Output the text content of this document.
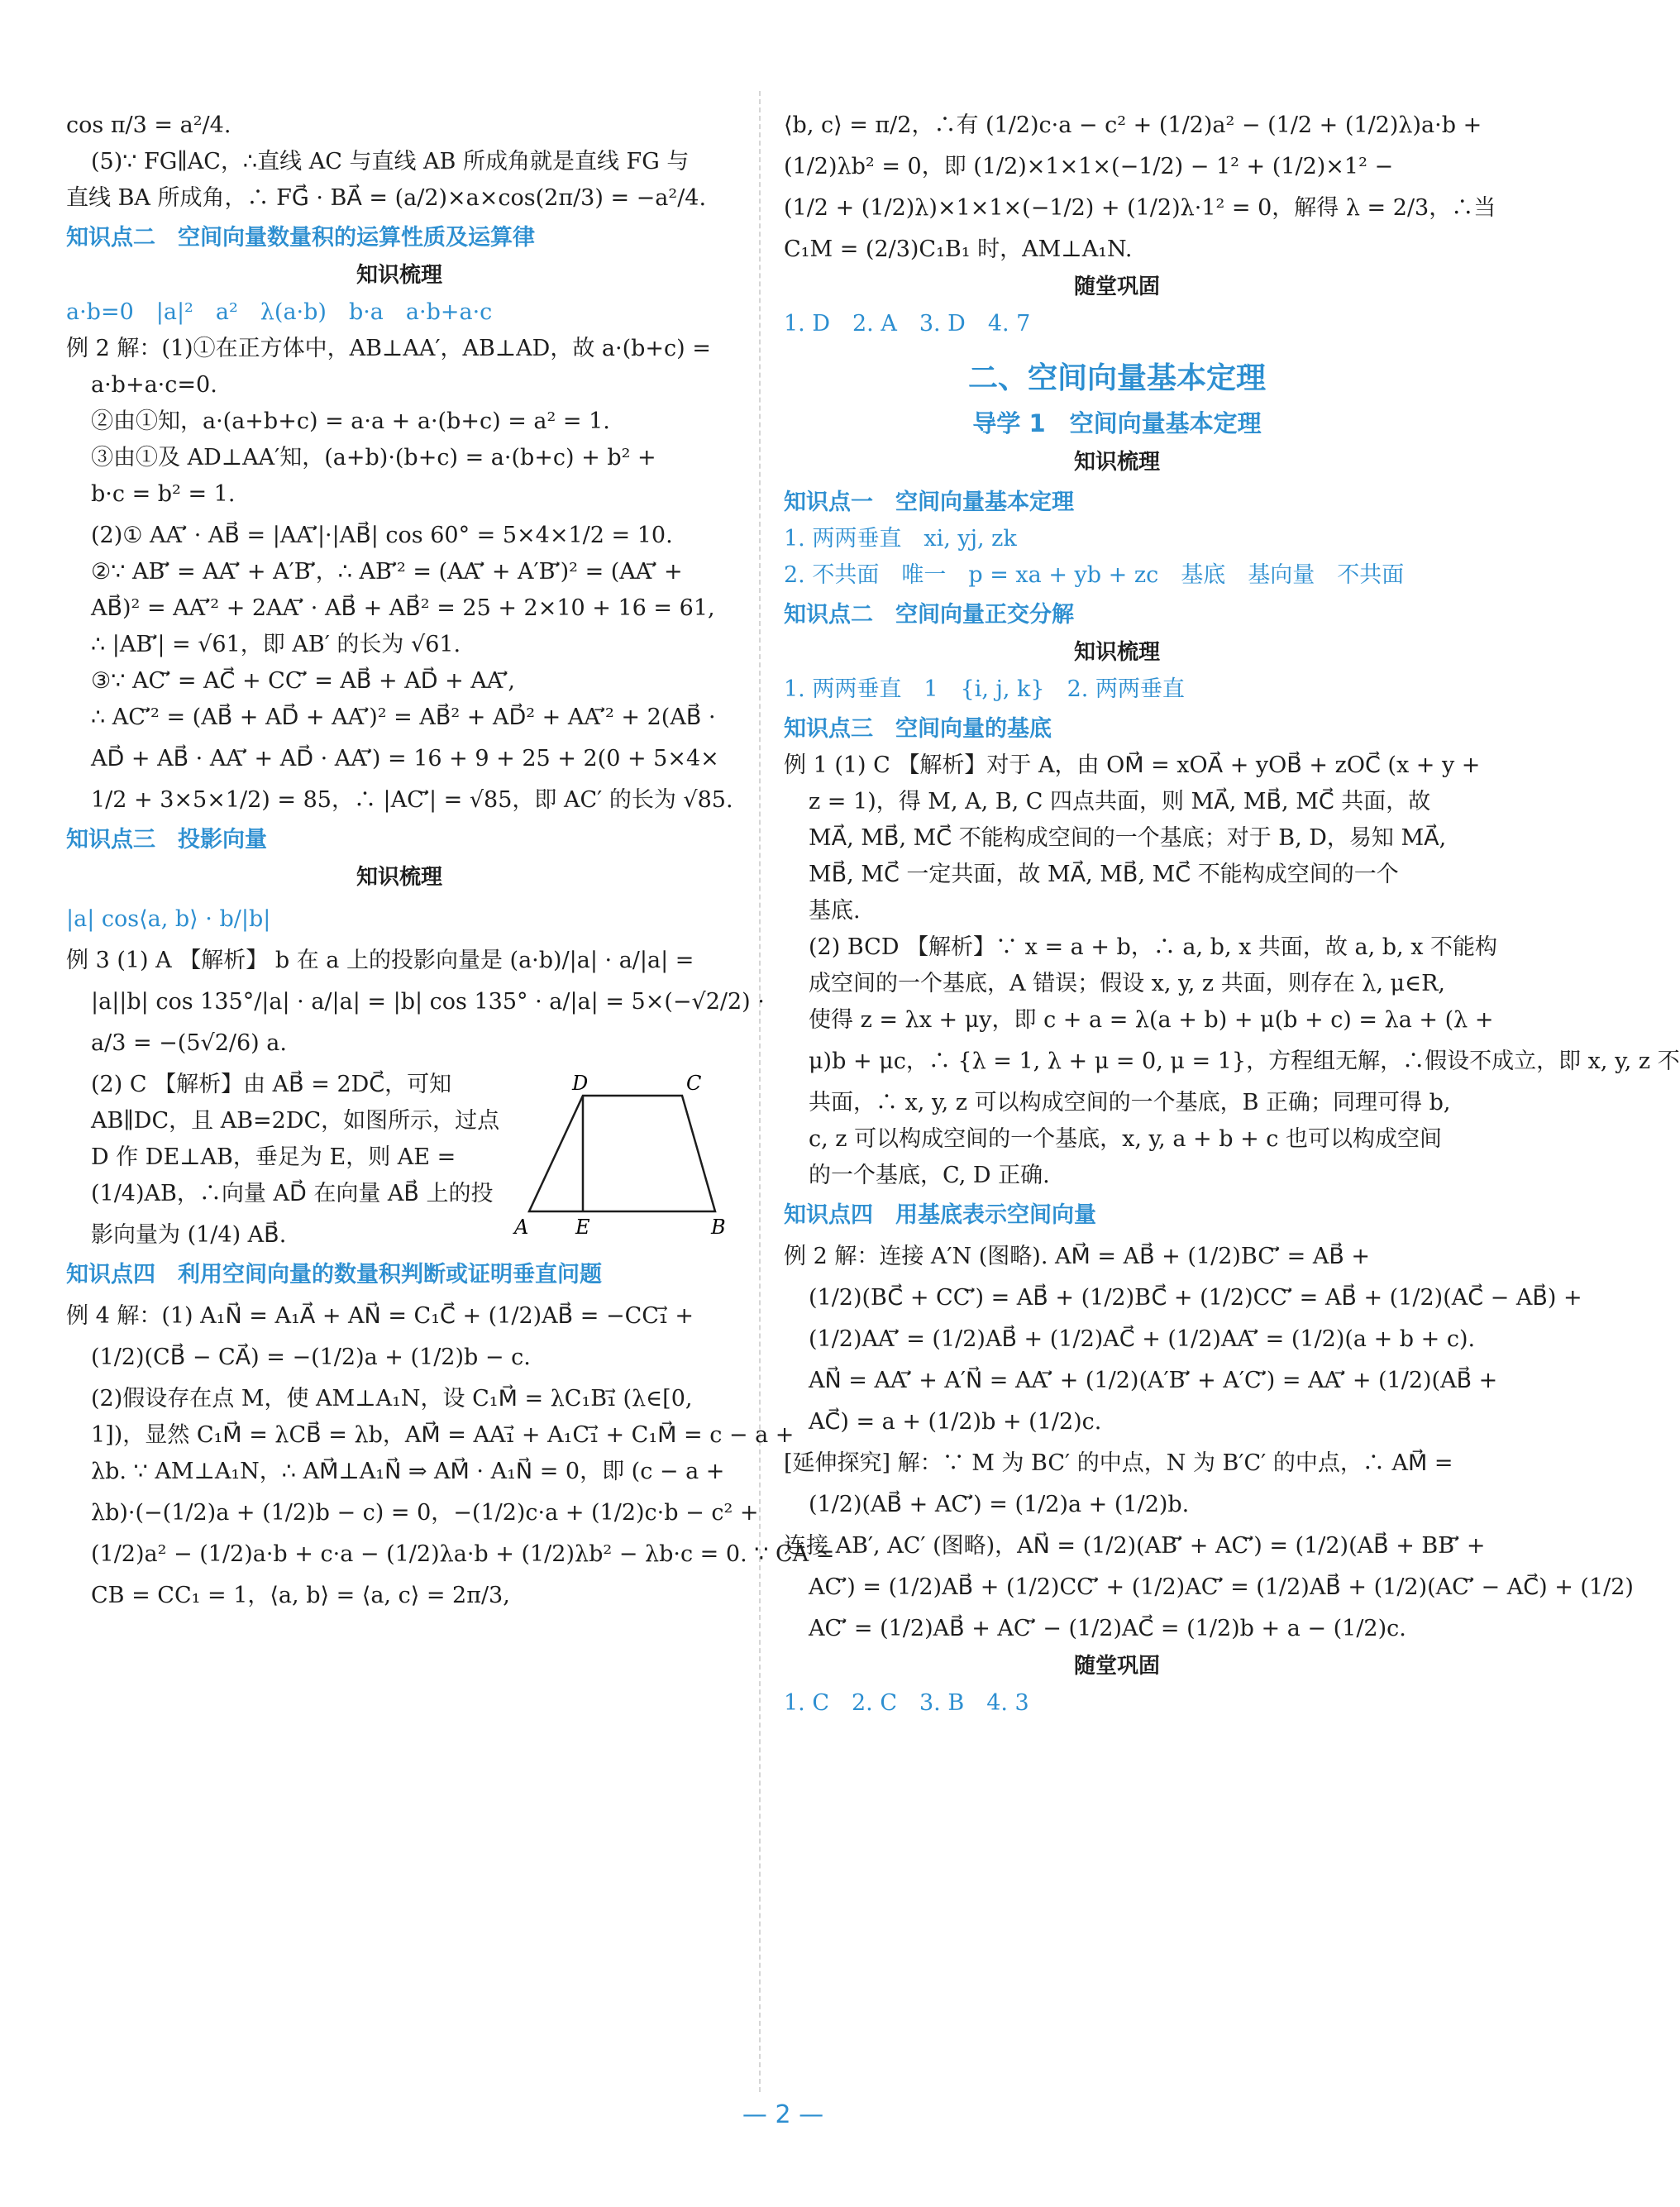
cos π/3 = a²/4.
(5)∵ FG∥AC，∴直线 AC 与直线 AB 所成角就是直线 FG 与
直线 BA 所成角，∴ FG⃗ · BA⃗ = (a/2)×a×cos(2π/3) = −a²/4.
知识点二　空间向量数量积的运算性质及运算律
知识梳理
a·b=0　|a|²　a²　λ(a·b)　b·a　a·b+a·c
例 2 解：(1)①在正方体中，AB⊥AA′，AB⊥AD，故 a·(b+c) =
a·b+a·c=0.
②由①知，a·(a+b+c) = a·a + a·(b+c) = a² = 1.
③由①及 AD⊥AA′知，(a+b)·(b+c) = a·(b+c) + b² +
b·c = b² = 1.
(2)① AA′⃗ · AB⃗ = |AA′⃗|·|AB⃗| cos 60° = 5×4×1/2 = 10.
②∵ AB′⃗ = AA′⃗ + A′B′⃗，∴ AB′⃗² = (AA′⃗ + A′B′⃗)² = (AA′⃗ +
AB⃗)² = AA′⃗² + 2AA′⃗ · AB⃗ + AB⃗² = 25 + 2×10 + 16 = 61,
∴ |AB′⃗| = √61，即 AB′ 的长为 √61.
③∵ AC′⃗ = AC⃗ + CC′⃗ = AB⃗ + AD⃗ + AA′⃗,
∴ AC′⃗² = (AB⃗ + AD⃗ + AA′⃗)² = AB⃗² + AD⃗² + AA′⃗² + 2(AB⃗ ·
AD⃗ + AB⃗ · AA′⃗ + AD⃗ · AA′⃗) = 16 + 9 + 25 + 2(0 + 5×4×
1/2 + 3×5×1/2) = 85，∴ |AC′⃗| = √85，即 AC′ 的长为 √85.
知识点三　投影向量
知识梳理
|a| cos⟨a, b⟩ · b/|b|
例 3 (1) A 【解析】 b 在 a 上的投影向量是 (a·b)/|a| · a/|a| =
|a||b| cos 135°/|a| · a/|a| = |b| cos 135° · a/|a| = 5×(−√2/2) ·
a/3 = −(5√2/6) a.
(2) C 【解析】由 AB⃗ = 2DC⃗，可知
AB∥DC，且 AB=2DC，如图所示，过点
D 作 DE⊥AB，垂足为 E，则 AE =
(1/4)AB，∴向量 AD⃗ 在向量 AB⃗ 上的投
影向量为 (1/4) AB⃗.
D	C
A E	B
知识点四　利用空间向量的数量积判断或证明垂直问题
例 4 解：(1) A₁N⃗ = A₁A⃗ + AN⃗ = C₁C⃗ + (1/2)AB⃗ = −CC₁⃗ +
(1/2)(CB⃗ − CA⃗) = −(1/2)a + (1/2)b − c.
(2)假设存在点 M，使 AM⊥A₁N，设 C₁M⃗ = λC₁B₁⃗ (λ∈[0,
1])，显然 C₁M⃗ = λCB⃗ = λb，AM⃗ = AA₁⃗ + A₁C₁⃗ + C₁M⃗ = c − a +
λb. ∵ AM⊥A₁N，∴ AM⃗⊥A₁N⃗ ⇒ AM⃗ · A₁N⃗ = 0，即 (c − a +
λb)·(−(1/2)a + (1/2)b − c) = 0，−(1/2)c·a + (1/2)c·b − c² +
(1/2)a² − (1/2)a·b + c·a − (1/2)λa·b + (1/2)λb² − λb·c = 0. ∵ CA =
CB = CC₁ = 1，⟨a, b⟩ = ⟨a, c⟩ = 2π/3,
⟨b, c⟩ = π/2，∴有 (1/2)c·a − c² + (1/2)a² − (1/2 + (1/2)λ)a·b +
(1/2)λb² = 0，即 (1/2)×1×1×(−1/2) − 1² + (1/2)×1² −
(1/2 + (1/2)λ)×1×1×(−1/2) + (1/2)λ·1² = 0，解得 λ = 2/3，∴当
C₁M = (2/3)C₁B₁ 时，AM⊥A₁N.
随堂巩固
1. D　2. A　3. D　4. 7
二、空间向量基本定理
导学 1　空间向量基本定理
知识梳理
知识点一　空间向量基本定理
1. 两两垂直　xi, yj, zk
2. 不共面　唯一　p = xa + yb + zc　基底　基向量　不共面
知识点二　空间向量正交分解
知识梳理
1. 两两垂直　1　{i, j, k}　2. 两两垂直
知识点三　空间向量的基底
例 1 (1) C 【解析】对于 A，由 OM⃗ = xOA⃗ + yOB⃗ + zOC⃗ (x + y +
z = 1)，得 M, A, B, C 四点共面，则 MA⃗, MB⃗, MC⃗ 共面，故
MA⃗, MB⃗, MC⃗ 不能构成空间的一个基底；对于 B, D，易知 MA⃗,
MB⃗, MC⃗ 一定共面，故 MA⃗, MB⃗, MC⃗ 不能构成空间的一个
基底.
(2) BCD 【解析】∵ x = a + b，∴ a, b, x 共面，故 a, b, x 不能构
成空间的一个基底，A 错误；假设 x, y, z 共面，则存在 λ, μ∈R,
使得 z = λx + μy，即 c + a = λ(a + b) + μ(b + c) = λa + (λ +
μ)b + μc，∴ {λ = 1, λ + μ = 0, μ = 1}，方程组无解，∴假设不成立，即 x, y, z 不
共面，∴ x, y, z 可以构成空间的一个基底，B 正确；同理可得 b,
c, z 可以构成空间的一个基底，x, y, a + b + c 也可以构成空间
的一个基底，C, D 正确.
知识点四　用基底表示空间向量
例 2 解：连接 A′N (图略). AM⃗ = AB⃗ + (1/2)BC′⃗ = AB⃗ +
(1/2)(BC⃗ + CC′⃗) = AB⃗ + (1/2)BC⃗ + (1/2)CC′⃗ = AB⃗ + (1/2)(AC⃗ − AB⃗) +
(1/2)AA′⃗ = (1/2)AB⃗ + (1/2)AC⃗ + (1/2)AA′⃗ = (1/2)(a + b + c).
AN⃗ = AA′⃗ + A′N⃗ = AA′⃗ + (1/2)(A′B′⃗ + A′C′⃗) = AA′⃗ + (1/2)(AB⃗ +
AC⃗) = a + (1/2)b + (1/2)c.
[延伸探究] 解：∵ M 为 BC′ 的中点，N 为 B′C′ 的中点，∴ AM⃗ =
(1/2)(AB⃗ + AC′⃗) = (1/2)a + (1/2)b.
连接 AB′, AC′ (图略)，AN⃗ = (1/2)(AB′⃗ + AC′⃗) = (1/2)(AB⃗ + BB′⃗ +
AC′⃗) = (1/2)AB⃗ + (1/2)CC′⃗ + (1/2)AC′⃗ = (1/2)AB⃗ + (1/2)(AC′⃗ − AC⃗) + (1/2)
AC′⃗ = (1/2)AB⃗ + AC′⃗ − (1/2)AC⃗ = (1/2)b + a − (1/2)c.
随堂巩固
1. C　2. C　3. B　4. 3
— 2 —
